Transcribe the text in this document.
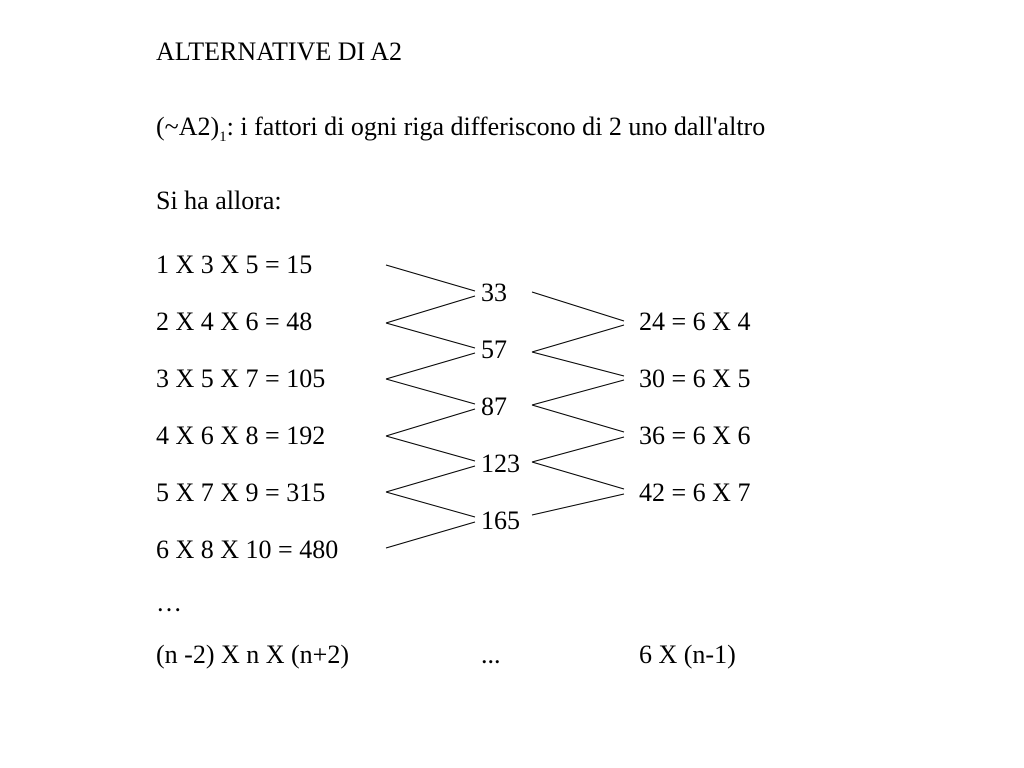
ALTERNATIVE DI A2
$(\sim A2)_1$: i fattori di ogni riga differiscono di 2 uno dall'altro
Si ha allora:
1 X 3 X 5 = 15
2 X 4 X 6 = 48
3 X 5 X 7 = 105
4 X 6 X 8 = 192
5 X 7 X 9 = 315
6 X 8 X 10 = 480
…
(n -2) X n X (n+2)
33
57
87
123
165
...
24 = 6 X 4
30 = 6 X 5
36 = 6 X 6
42 = 6 X 7
6 X (n-1)
